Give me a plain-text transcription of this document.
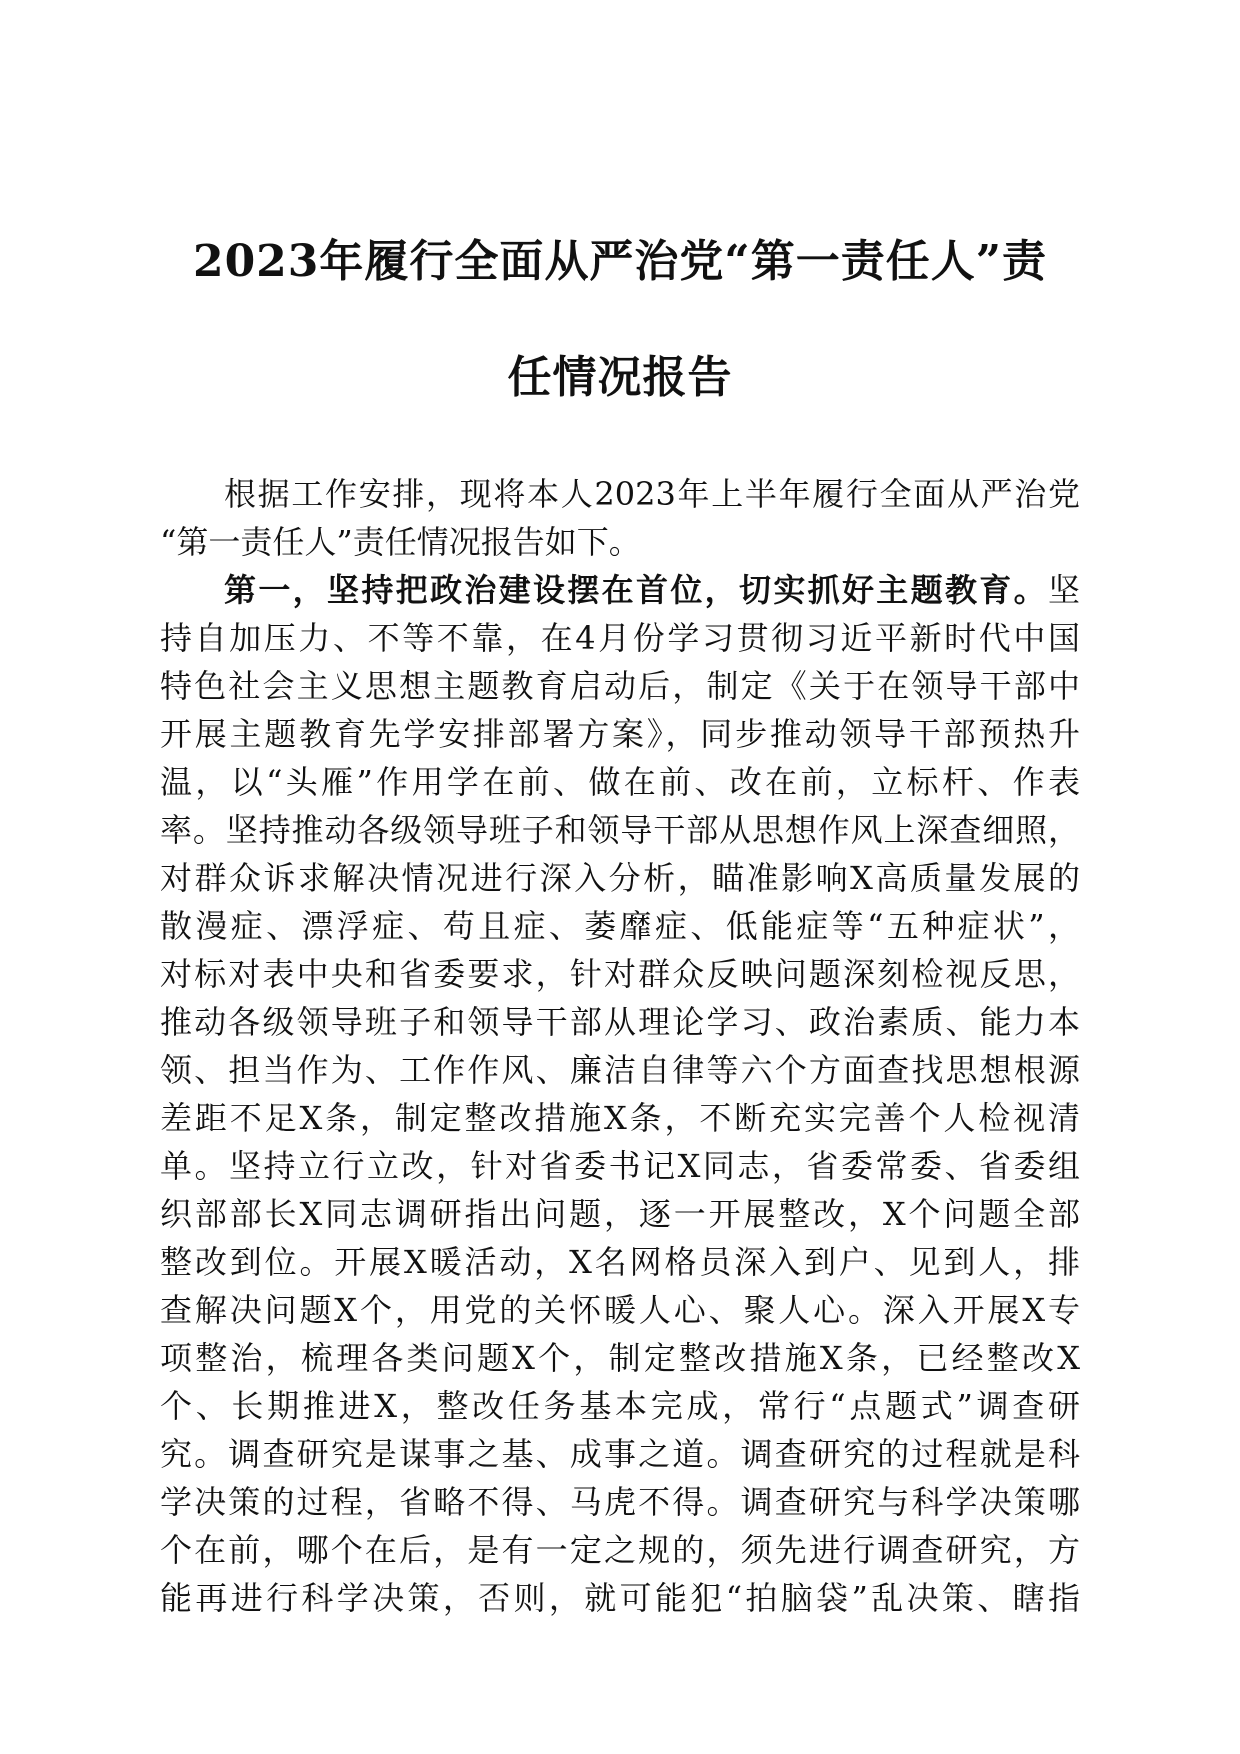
2023年履行全面从严治党“第一责任人”责
任情况报告
根据工作安排，现将本人2023年上半年履行全面从严治党
“第一责任人”责任情况报告如下。
第一，坚持把政治建设摆在首位，切实抓好主题教育。坚
持自加压力、不等不靠，在4月份学习贯彻习近平新时代中国
特色社会主义思想主题教育启动后，制定《关于在领导干部中
开展主题教育先学安排部署方案》，同步推动领导干部预热升
温，以“头雁”作用学在前、做在前、改在前，立标杆、作表
率。坚持推动各级领导班子和领导干部从思想作风上深查细照，
对群众诉求解决情况进行深入分析，瞄准影响X高质量发展的
散漫症、漂浮症、苟且症、萎靡症、低能症等“五种症状”，
对标对表中央和省委要求，针对群众反映问题深刻检视反思，
推动各级领导班子和领导干部从理论学习、政治素质、能力本
领、担当作为、工作作风、廉洁自律等六个方面查找思想根源
差距不足X条，制定整改措施X条，不断充实完善个人检视清
单。坚持立行立改，针对省委书记X同志，省委常委、省委组
织部部长X同志调研指出问题，逐一开展整改，X个问题全部
整改到位。开展X暖活动，X名网格员深入到户、见到人，排
查解决问题X个，用党的关怀暖人心、聚人心。深入开展X专
项整治，梳理各类问题X个，制定整改措施X条，已经整改X
个、长期推进X，整改任务基本完成，常行“点题式”调查研
究。调查研究是谋事之基、成事之道。调查研究的过程就是科
学决策的过程，省略不得、马虎不得。调查研究与科学决策哪
个在前，哪个在后，是有一定之规的，须先进行调查研究，方
能再进行科学决策，否则，就可能犯“拍脑袋”乱决策、瞎指
